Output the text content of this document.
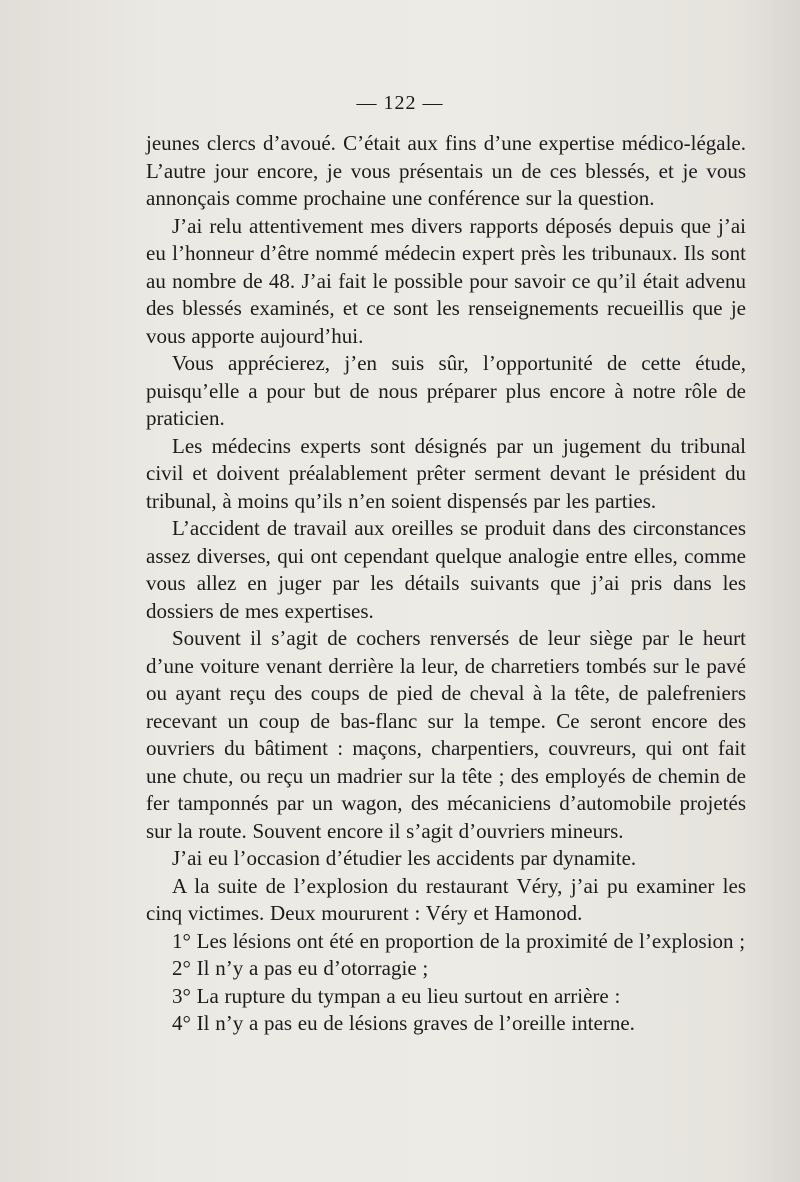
— 122 —

jeunes clercs d’avoué. C’était aux fins d’une expertise médico-légale. L’autre jour encore, je vous présentais un de ces blessés, et je vous annonçais comme prochaine une conférence sur la question.

J’ai relu attentivement mes divers rapports déposés depuis que j’ai eu l’honneur d’être nommé médecin expert près les tribunaux. Ils sont au nombre de 48. J’ai fait le possible pour savoir ce qu’il était advenu des blessés examinés, et ce sont les renseignements recueillis que je vous apporte aujourd’hui.

Vous apprécierez, j’en suis sûr, l’opportunité de cette étude, puisqu’elle a pour but de nous préparer plus encore à notre rôle de praticien.

Les médecins experts sont désignés par un jugement du tribunal civil et doivent préalablement prêter serment devant le président du tribunal, à moins qu’ils n’en soient dispensés par les parties.

L’accident de travail aux oreilles se produit dans des circonstances assez diverses, qui ont cependant quelque analogie entre elles, comme vous allez en juger par les détails suivants que j’ai pris dans les dossiers de mes expertises.

Souvent il s’agit de cochers renversés de leur siège par le heurt d’une voiture venant derrière la leur, de charretiers tombés sur le pavé ou ayant reçu des coups de pied de cheval à la tête, de palefreniers recevant un coup de bas-flanc sur la tempe. Ce seront encore des ouvriers du bâtiment : maçons, charpentiers, couvreurs, qui ont fait une chute, ou reçu un madrier sur la tête ; des employés de chemin de fer tamponnés par un wagon, des mécaniciens d’automobile projetés sur la route. Souvent encore il s’agit d’ouvriers mineurs.

J’ai eu l’occasion d’étudier les accidents par dynamite.

A la suite de l’explosion du restaurant Véry, j’ai pu examiner les cinq victimes. Deux moururent : Véry et Hamonod.

1° Les lésions ont été en proportion de la proximité de l’explosion ;

2° Il n’y a pas eu d’otorragie ;

3° La rupture du tympan a eu lieu surtout en arrière :

4° Il n’y a pas eu de lésions graves de l’oreille interne.
